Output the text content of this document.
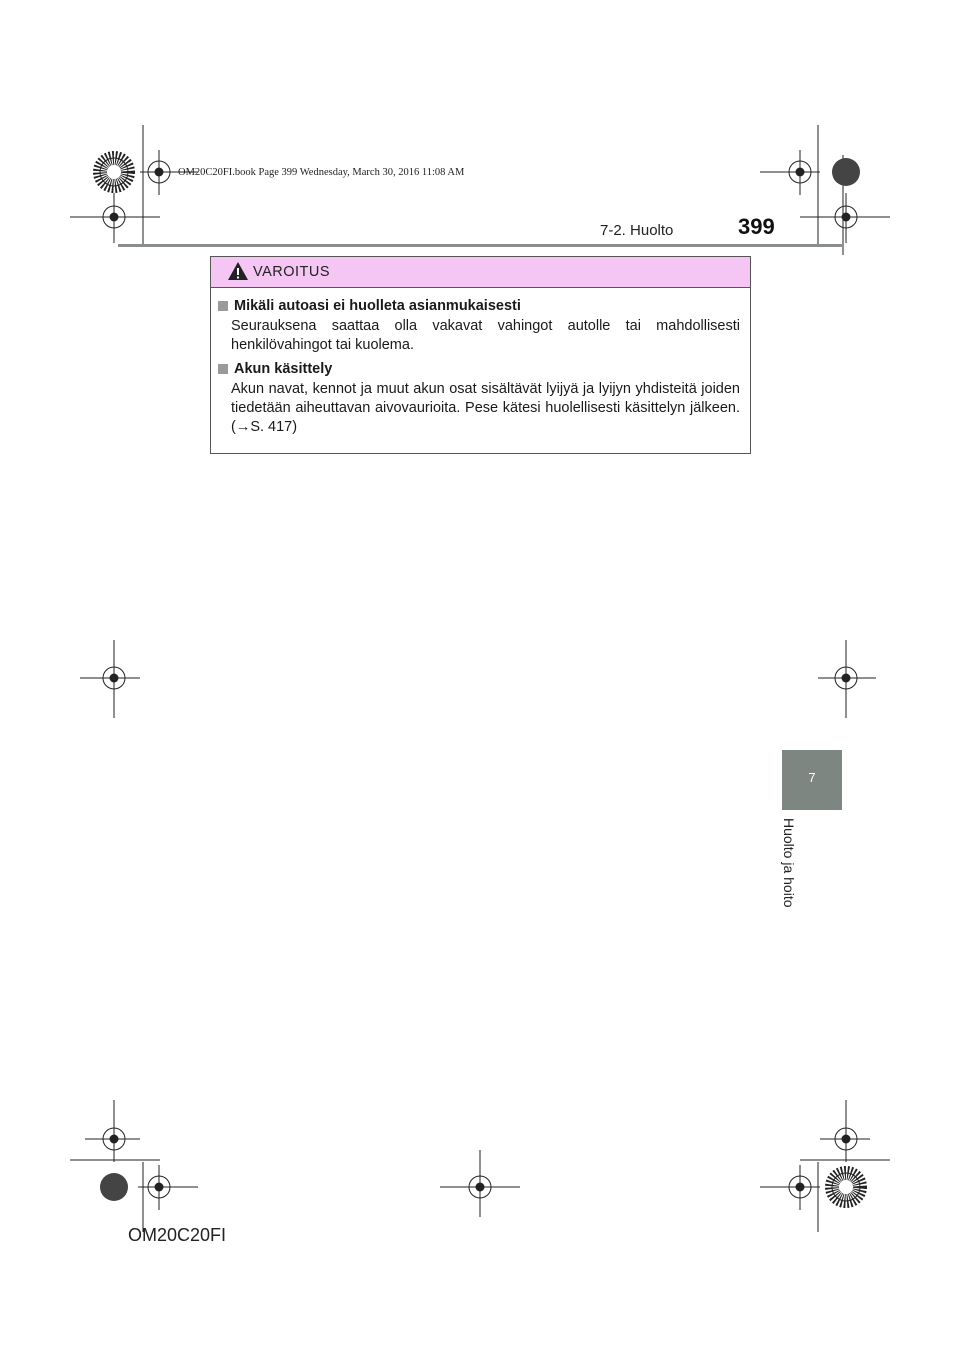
OM20C20FI.book Page 399 Wednesday, March 30, 2016 11:08 AM
7-2. Huolto	399
VAROITUS
Mikäli autoasi ei huolleta asianmukaisesti
Seurauksena saattaa olla vakavat vahingot autolle tai mahdollisesti henkilövahingot tai kuolema.
Akun käsittely
Akun navat, kennot ja muut akun osat sisältävät lyijyä ja lyijyn yhdisteitä joiden tiedetään aiheuttavan aivovaurioita. Pese kätesi huolellisesti käsittelyn jälkeen. (→S. 417)
7
Huolto ja hoito
OM20C20FI
